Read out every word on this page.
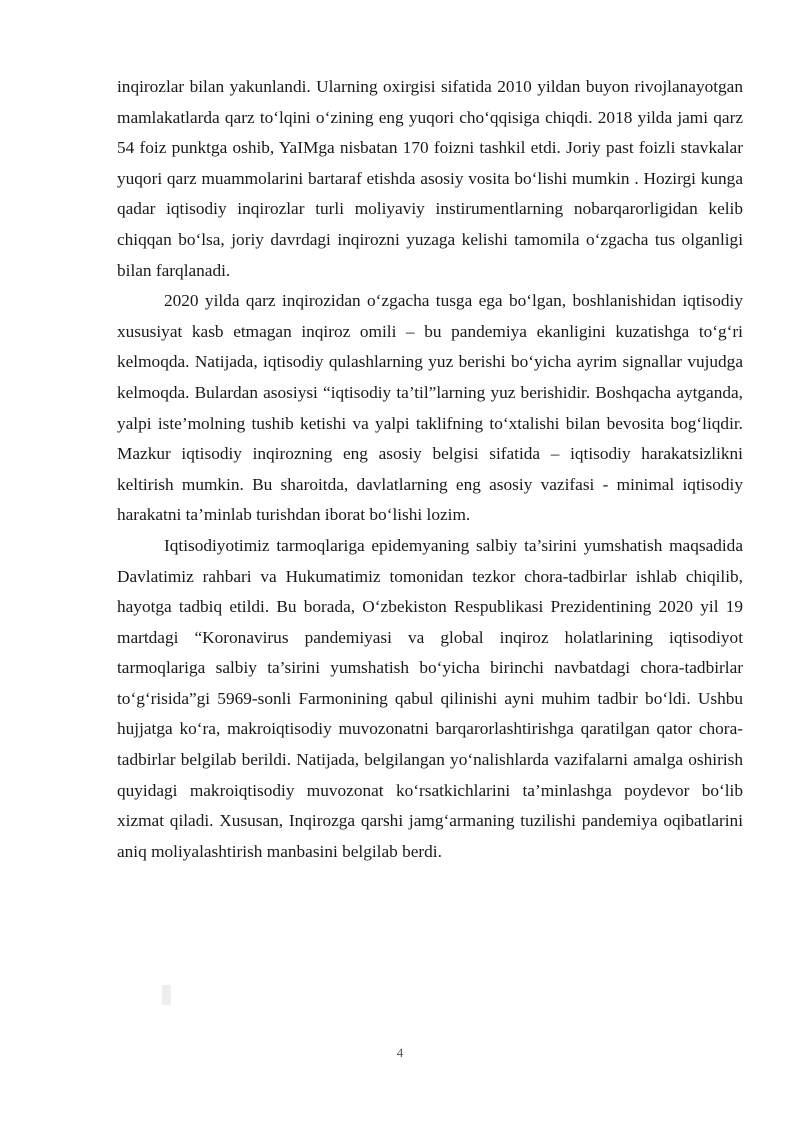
inqirozlar bilan yakunlandi. Ularning oxirgisi sifatida 2010 yildan buyon rivojlanayotgan mamlakatlarda qarz to‘lqini o‘zining eng yuqori cho‘qqisiga chiqdi. 2018 yilda jami qarz 54 foiz punktga oshib, YaIMga nisbatan 170 foizni tashkil etdi. Joriy past foizli stavkalar yuqori qarz muammolarini bartaraf etishda asosiy vosita bo‘lishi mumkin . Hozirgi kunga qadar iqtisodiy inqirozlar turli moliyaviy instirumentlarning nobarqarorligidan kelib chiqqan bo‘lsa, joriy davrdagi inqirozni yuzaga kelishi tamomila o‘zgacha tus olganligi bilan farqlanadi.

2020 yilda qarz inqirozidan o‘zgacha tusga ega bo‘lgan, boshlanishidan iqtisodiy xususiyat kasb etmagan inqiroz omili – bu pandemiya ekanligini kuzatishga to‘g‘ri kelmoqda. Natijada, iqtisodiy qulashlarning yuz berishi bo‘yicha ayrim signallar vujudga kelmoqda. Bulardan asosiysi “iqtisodiy ta’til”larning yuz berishidir. Boshqacha aytganda, yalpi iste’molning tushib ketishi va yalpi taklifning to‘xtalishi bilan bevosita bog‘liqdir. Mazkur iqtisodiy inqirozning eng asosiy belgisi sifatida – iqtisodiy harakatsizlikni keltirish mumkin. Bu sharoitda, davlatlarning eng asosiy vazifasi - minimal iqtisodiy harakatni ta’minlab turishdan iborat bo‘lishi lozim.

Iqtisodiyotimiz tarmoqlariga epidemyaning salbiy ta’sirini yumshatish maqsadida Davlatimiz rahbari va Hukumatimiz tomonidan tezkor chora-tadbirlar ishlab chiqilib, hayotga tadbiq etildi. Bu borada, O‘zbekiston Respublikasi Prezidentining 2020 yil 19 martdagi “Koronavirus pandemiyasi va global inqiroz holatlarining iqtisodiyot tarmoqlariga salbiy ta’sirini yumshatish bo‘yicha birinchi navbatdagi chora-tadbirlar to‘g‘risida”gi 5969-sonli Farmonining qabul qilinishi ayni muhim tadbir bo‘ldi. Ushbu hujjatga ko‘ra, makroiqtisodiy muvozonatni barqarorlashtirishga qaratilgan qator chora-tadbirlar belgilab berildi. Natijada, belgilangan yo‘nalishlarda vazifalarni amalga oshirish quyidagi makroiqtisodiy muvozonat ko‘rsatkichlarini ta’minlashga poydevor bo‘lib xizmat qiladi. Xususan, Inqirozga qarshi jamg‘armaning tuzilishi pandemiya oqibatlarini aniq moliyalashtirish manbasini belgilab berdi.

4
